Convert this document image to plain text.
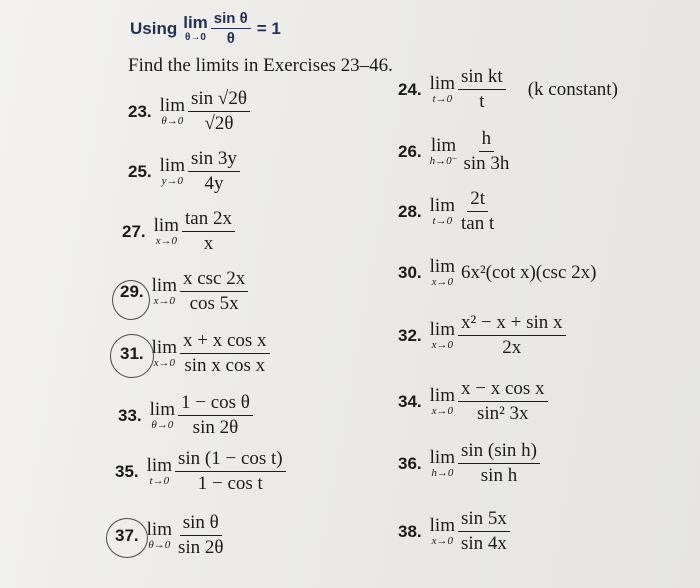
Using lim
$\theta\to 0 \frac{\text{sin θ}}{\theta} = 1$
Find the limits in Exercises 23–46.
23. lim
$\theta\to 0 \frac{\sin √2\theta}{√2\theta}$
25. lim
$y\to 0 \frac{\sin 3y}{4y}$
27. lim
$x\to 0 \frac{\tan 2x}{x}$
29. lim
$x\to 0 \frac{\text{x csc 2x}}{\cos 5x}$
31. lim
$x\to 0 \frac{\text{x + x cos x}}{\text{sin x cos x}}$
33. lim
$\theta\to 0 \frac{\text{1 − cos θ}}{\sin 2\theta}$
35. lim
$t\to 0 \frac{\text{sin (1 − cos t)}}{\text{1 − cos t}}$
37. lim
$\theta\to 0 \frac{\text{sin θ}}{\sin 2\theta}$
24. lim
$t\to 0 \frac{\text{sin kt}}{t} (k$ constant)
26. lim
$h\to 0^- \frac{h}{\sin 3h}$
28. lim
$t\to 0 \frac{2t}{\text{tan t}}$
30. lim
x→0 6x²(cot x)(csc 2x)
32. lim
$x\to 0 \frac{\text{x² − x + sin x}}{2x}$
34. lim
$x\to 0 \frac{\text{x − x cos x}}{\text{sin² 3x}}$
36. lim
$h\to 0 \frac{\text{sin (sin h)}}{\text{sin h}}$
38. lim
$x\to 0 \frac{\sin 5x}{\sin 4x}$
